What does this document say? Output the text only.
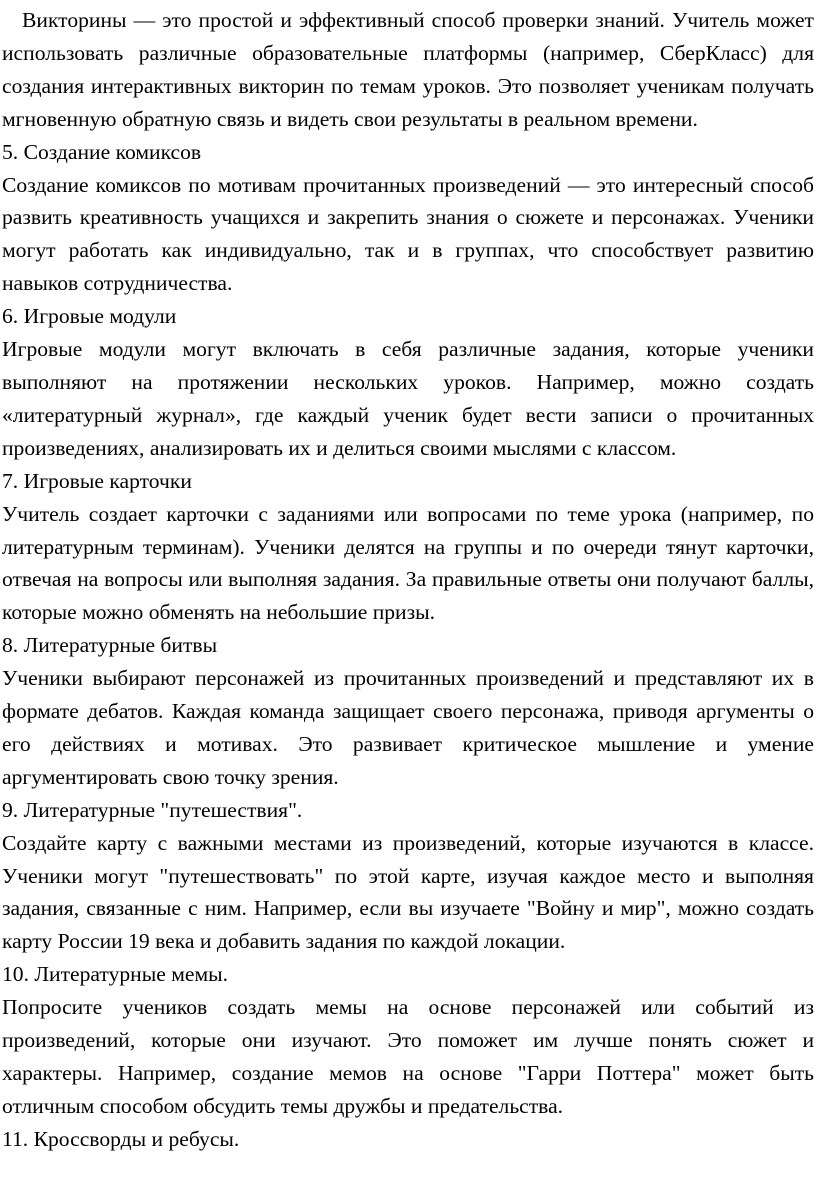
Викторины — это простой и эффективный способ проверки знаний. Учитель может использовать различные образовательные платформы (например, СберКласс) для создания интерактивных викторин по темам уроков. Это позволяет ученикам получать мгновенную обратную связь и видеть свои результаты в реальном времени.

5. Создание комиксов

Создание комиксов по мотивам прочитанных произведений — это интересный способ развить креативность учащихся и закрепить знания о сюжете и персонажах. Ученики могут работать как индивидуально, так и в группах, что способствует развитию навыков сотрудничества.

6. Игровые модули

Игровые модули могут включать в себя различные задания, которые ученики выполняют на протяжении нескольких уроков. Например, можно создать «литературный журнал», где каждый ученик будет вести записи о прочитанных произведениях, анализировать их и делиться своими мыслями с классом.

7. Игровые карточки

Учитель создает карточки с заданиями или вопросами по теме урока (например, по литературным терминам). Ученики делятся на группы и по очереди тянут карточки, отвечая на вопросы или выполняя задания. За правильные ответы они получают баллы, которые можно обменять на небольшие призы.

8. Литературные битвы

Ученики выбирают персонажей из прочитанных произведений и представляют их в формате дебатов. Каждая команда защищает своего персонажа, приводя аргументы о его действиях и мотивах. Это развивает критическое мышление и умение аргументировать свою точку зрения.

9. Литературные "путешествия".

Создайте карту с важными местами из произведений, которые изучаются в классе. Ученики могут "путешествовать" по этой карте, изучая каждое место и выполняя задания, связанные с ним. Например, если вы изучаете "Войну и мир", можно создать карту России 19 века и добавить задания по каждой локации.

10. Литературные мемы.

Попросите учеников создать мемы на основе персонажей или событий из произведений, которые они изучают. Это поможет им лучше понять сюжет и характеры. Например, создание мемов на основе "Гарри Поттера" может быть отличным способом обсудить темы дружбы и предательства.

11. Кроссворды и ребусы.
